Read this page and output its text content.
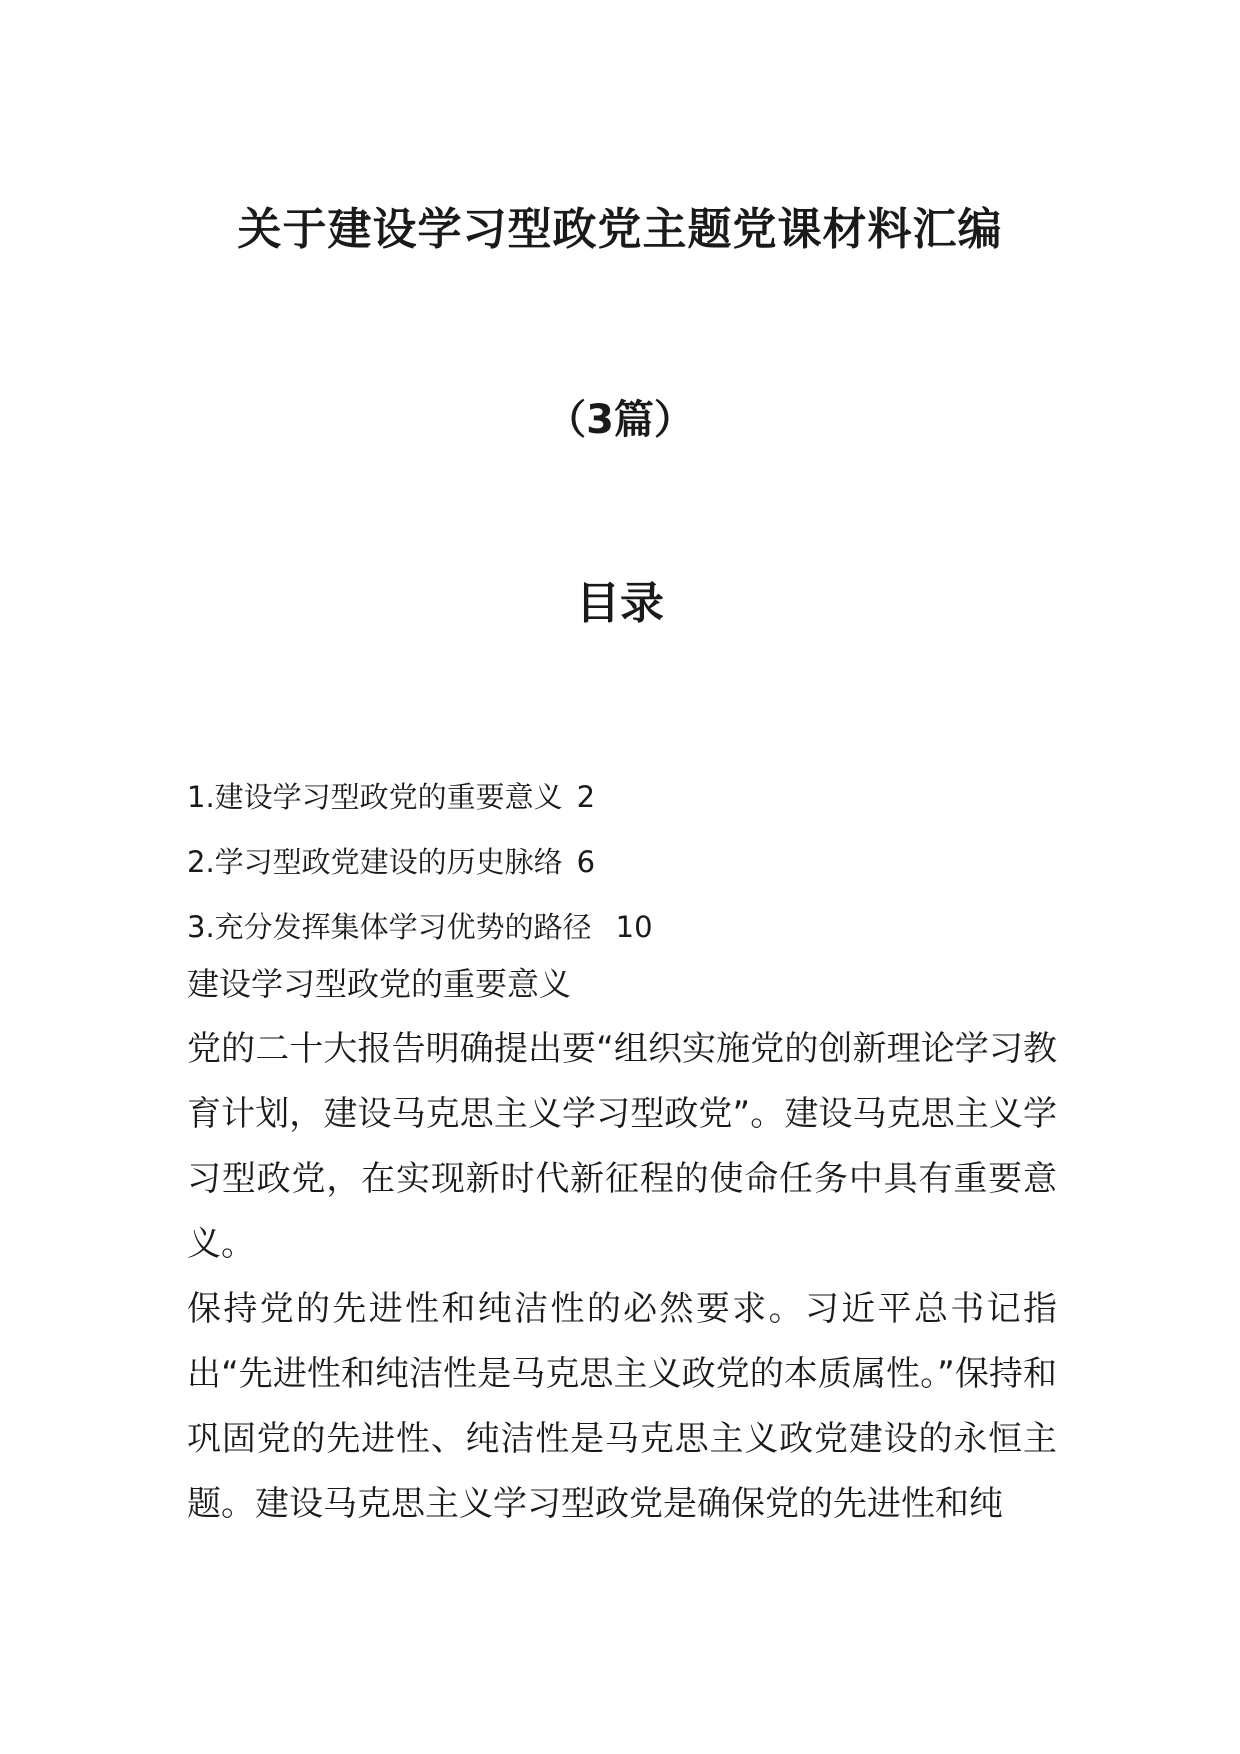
关于建设学习型政党主题党课材料汇编
（3篇）
目录
1.建设学习型政党的重要意义 2
2.学习型政党建设的历史脉络 6
3.充分发挥集体学习优势的路径 10
建设学习型政党的重要意义

党的二十大报告明确提出要“组织实施党的创新理论学习教育计划，建设马克思主义学习型政党”。建设马克思主义学习型政党，在实现新时代新征程的使命任务中具有重要意义。

保持党的先进性和纯洁性的必然要求。习近平总书记指出“先进性和纯洁性是马克思主义政党的本质属性。”保持和巩固党的先进性、纯洁性是马克思主义政党建设的永恒主题。建设马克思主义学习型政党是确保党的先进性和纯
